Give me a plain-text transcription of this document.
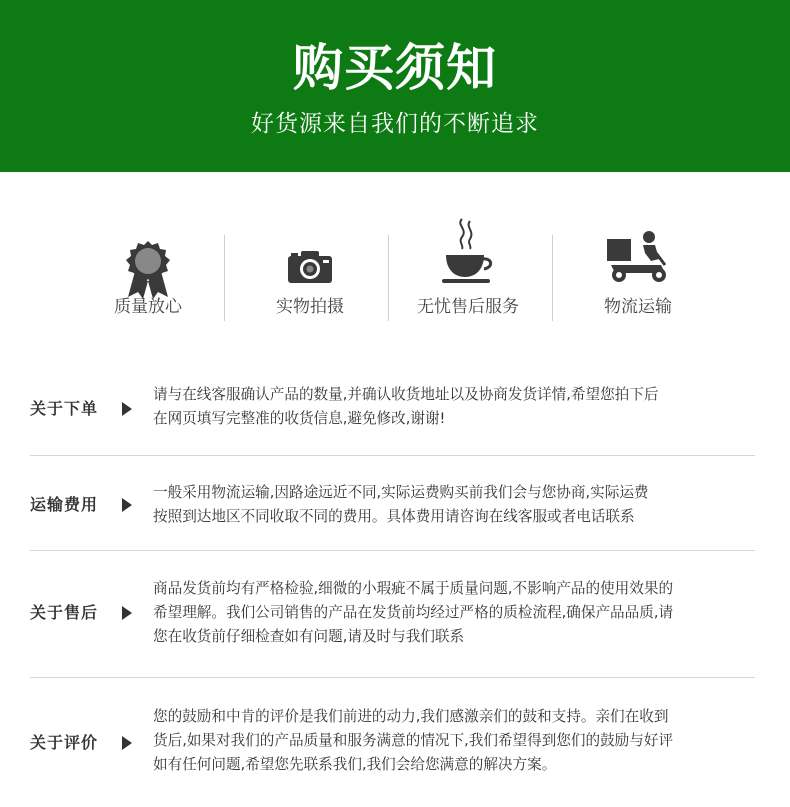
购买须知
好货源来自我们的不断追求
质量放心	实物拍摄	无忧售后服务	物流运输
关于下单
请与在线客服确认产品的数量,并确认收货地址以及协商发货详情,希望您拍下后
在网页填写完整准的收货信息,避免修改,谢谢!
运输费用
一般采用物流运输,因路途远近不同,实际运费购买前我们会与您协商,实际运费
按照到达地区不同收取不同的费用。具体费用请咨询在线客服或者电话联系
关于售后
商品发货前均有严格检验,细微的小瑕疵不属于质量问题,不影响产品的使用效果的
希望理解。我们公司销售的产品在发货前均经过严格的质检流程,确保产品品质,请
您在收货前仔细检查如有问题,请及时与我们联系
关于评价
您的鼓励和中肯的评价是我们前进的动力,我们感激亲们的鼓和支持。亲们在收到
货后,如果对我们的产品质量和服务满意的情况下,我们希望得到您们的鼓励与好评
如有任何问题,希望您先联系我们,我们会给您满意的解决方案。
